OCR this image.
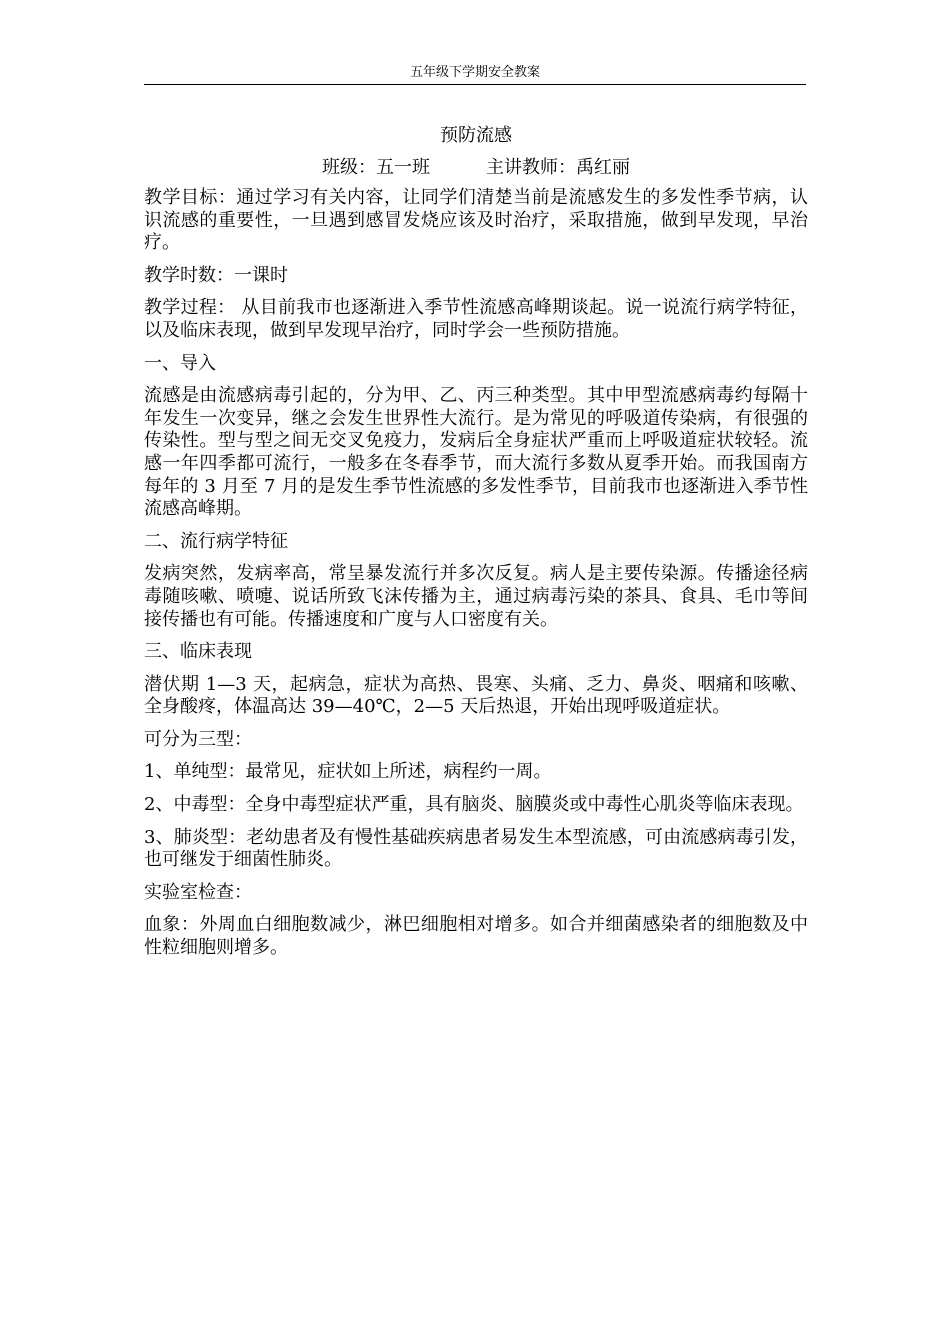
五年级下学期安全教案
预防流感
班级：五一班	主讲教师：禹红丽

教学目标：通过学习有关内容，让同学们清楚当前是流感发生的多发性季节病，认识流感的重要性，一旦遇到感冒发烧应该及时治疗，采取措施，做到早发现，早治疗。

教学时数：一课时

教学过程： 从目前我市也逐渐进入季节性流感高峰期谈起。说一说流行病学特征，以及临床表现，做到早发现早治疗，同时学会一些预防措施。

一、导入

流感是由流感病毒引起的，分为甲、乙、丙三种类型。其中甲型流感病毒约每隔十年发生一次变异，继之会发生世界性大流行。是为常见的呼吸道传染病，有很强的传染性。型与型之间无交叉免疫力，发病后全身症状严重而上呼吸道症状较轻。流感一年四季都可流行，一般多在冬春季节，而大流行多数从夏季开始。而我国南方每年的 3 月至 7 月的是发生季节性流感的多发性季节，目前我市也逐渐进入季节性流感高峰期。

二、流行病学特征

发病突然，发病率高，常呈暴发流行并多次反复。病人是主要传染源。传播途径病毒随咳嗽、喷嚏、说话所致飞沫传播为主，通过病毒污染的茶具、食具、毛巾等间接传播也有可能。传播速度和广度与人口密度有关。

三、临床表现

潜伏期 1—3 天，起病急，症状为高热、畏寒、头痛、乏力、鼻炎、咽痛和咳嗽、全身酸疼，体温高达 39—40℃，2—5 天后热退，开始出现呼吸道症状。

可分为三型：

1、单纯型：最常见，症状如上所述，病程约一周。

2、中毒型：全身中毒型症状严重，具有脑炎、脑膜炎或中毒性心肌炎等临床表现。

3、肺炎型：老幼患者及有慢性基础疾病患者易发生本型流感，可由流感病毒引发，也可继发于细菌性肺炎。

实验室检查：

血象：外周血白细胞数减少，淋巴细胞相对增多。如合并细菌感染者的细胞数及中性粒细胞则增多。
